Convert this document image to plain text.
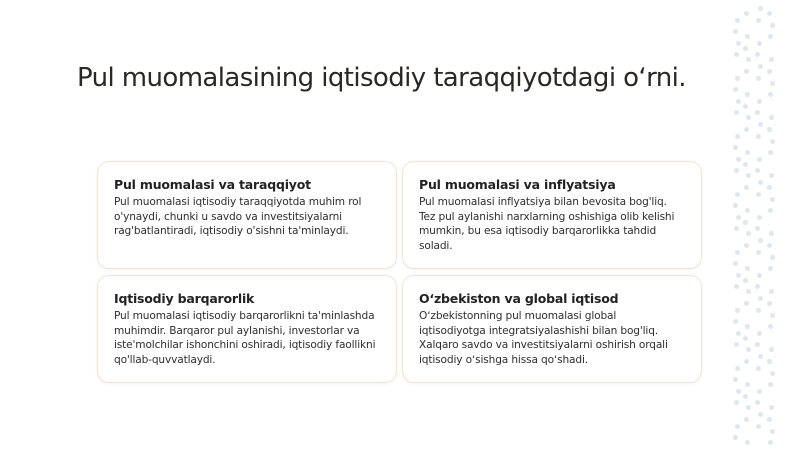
Pul muomalasining iqtisodiy taraqqiyotdagi oʻrni.
Pul muomalasi va taraqqiyot

Pul muomalasi iqtisodiy taraqqiyotda muhim rol o'ynaydi, chunki u savdo va investitsiyalarni rag'batlantiradi, iqtisodiy o'sishni ta'minlaydi.

Pul muomalasi va inflyatsiya

Pul muomalasi inflyatsiya bilan bevosita bog'liq. Tez pul aylanishi narxlarning oshishiga olib kelishi mumkin, bu esa iqtisodiy barqarorlikka tahdid soladi.

Iqtisodiy barqarorlik

Pul muomalasi iqtisodiy barqarorlikni ta'minlashda muhimdir. Barqaror pul aylanishi, investorlar va iste'molchilar ishonchini oshiradi, iqtisodiy faollikni qo'llab-quvvatlaydi.

Oʻzbekiston va global iqtisod

Oʻzbekistonning pul muomalasi global iqtisodiyotga integratsiyalashishi bilan bog'liq. Xalqaro savdo va investitsiyalarni oshirish orqali iqtisodiy oʻsishga hissa qoʻshadi.
